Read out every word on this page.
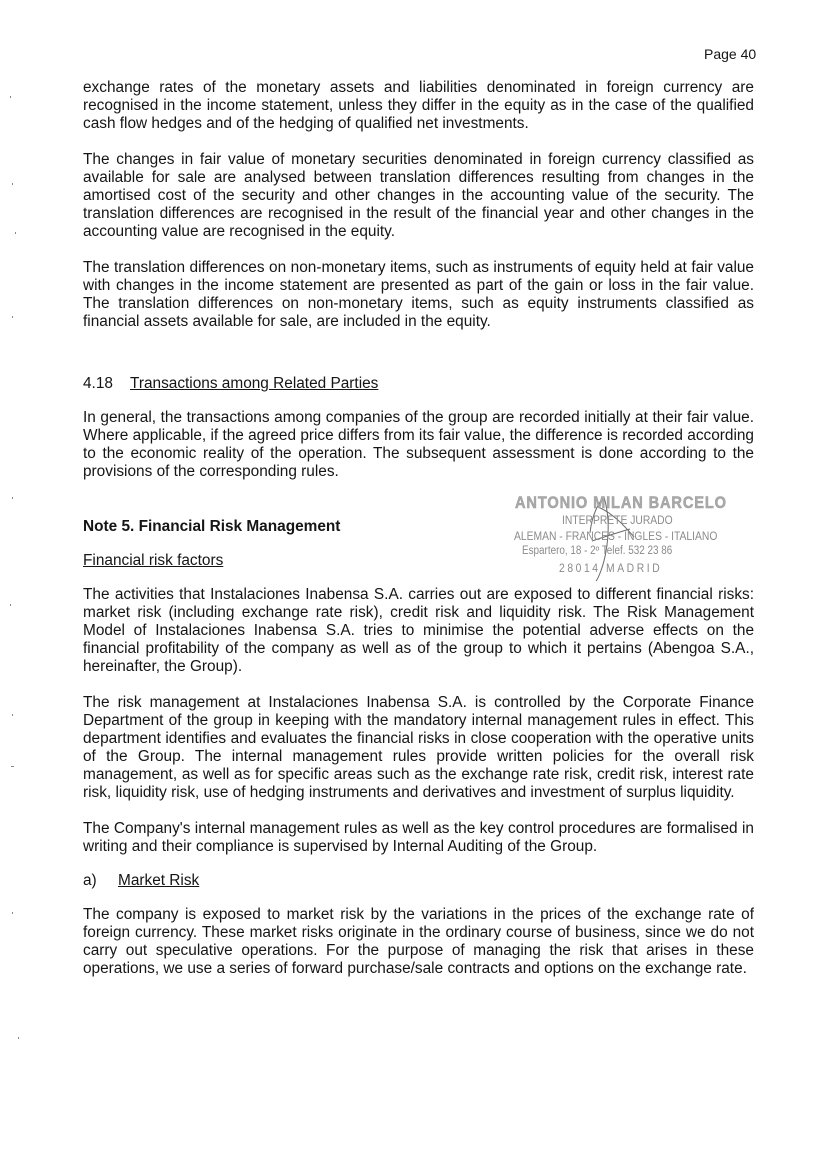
Page 40

exchange rates of the monetary assets and liabilities denominated in foreign currency are recognised in the income statement, unless they differ in the equity as in the case of the qualified cash flow hedges and of the hedging of qualified net investments.

The changes in fair value of monetary securities denominated in foreign currency classified as available for sale are analysed between translation differences resulting from changes in the amortised cost of the security and other changes in the accounting value of the security. The translation differences are recognised in the result of the financial year and other changes in the accounting value are recognised in the equity.

The translation differences on non-monetary items, such as instruments of equity held at fair value with changes in the income statement are presented as part of the gain or loss in the fair value. The translation differences on non-monetary items, such as equity instruments classified as financial assets available for sale, are included in the equity.

4.18 Transactions among Related Parties

In general, the transactions among companies of the group are recorded initially at their fair value. Where applicable, if the agreed price differs from its fair value, the difference is recorded according to the economic reality of the operation. The subsequent assessment is done according to the provisions of the corresponding rules.

Note 5. Financial Risk Management
Financial risk factors

The activities that Instalaciones Inabensa S.A. carries out are exposed to different financial risks: market risk (including exchange rate risk), credit risk and liquidity risk. The Risk Management Model of Instalaciones Inabensa S.A. tries to minimise the potential adverse effects on the financial profitability of the company as well as of the group to which it pertains (Abengoa S.A., hereinafter, the Group).

The risk management at Instalaciones Inabensa S.A. is controlled by the Corporate Finance Department of the group in keeping with the mandatory internal management rules in effect. This department identifies and evaluates the financial risks in close cooperation with the operative units of the Group. The internal management rules provide written policies for the overall risk management, as well as for specific areas such as the exchange rate risk, credit risk, interest rate risk, liquidity risk, use of hedging instruments and derivatives and investment of surplus liquidity.

The Company's internal management rules as well as the key control procedures are formalised in writing and their compliance is supervised by Internal Auditing of the Group.

a) Market Risk

The company is exposed to market risk by the variations in the prices of the exchange rate of foreign currency. These market risks originate in the ordinary course of business, since we do not carry out speculative operations. For the purpose of managing the risk that arises in these operations, we use a series of forward purchase/sale contracts and options on the exchange rate.

ANTONIO MILAN BARCELO
INTERPRETE JURADO
ALEMAN - FRANCES - INGLES - ITALIANO
Espartero, 18 - 2º Telef. 532 23 86
28014 MADRID
